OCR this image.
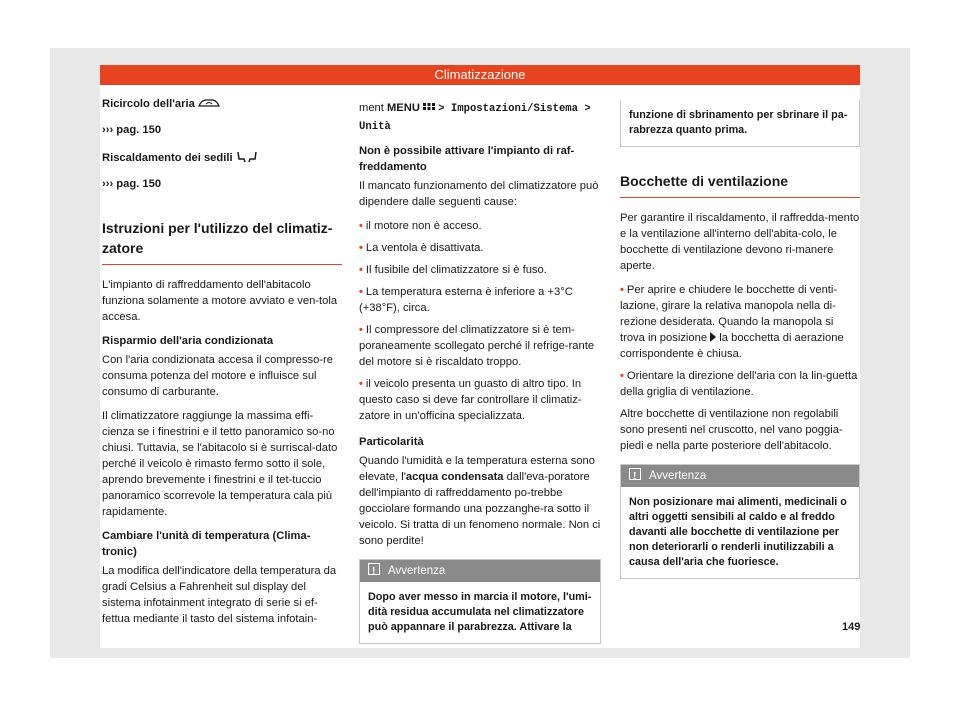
Climatizzazione

Ricircolo dell'aria

››› pag. 150

Riscaldamento dei sedili

››› pag. 150

Istruzioni per l'utilizzo del climatiz-zatore

L'impianto di raffreddamento dell'abitacolo funziona solamente a motore avviato e ven-tola accesa.

Risparmio dell'aria condizionata

Con l'aria condizionata accesa il compresso-re consuma potenza del motore e influisce sul consumo di carburante.

Il climatizzatore raggiunge la massima effi-cienza se i finestrini e il tetto panoramico so-no chiusi. Tuttavia, se l'abitacolo si è surriscal-dato perché il veicolo è rimasto fermo sotto il sole, aprendo brevemente i finestrini e il tet-tuccio panoramico scorrevole la temperatura cala più rapidamente.

Cambiare l'unità di temperatura (Clima-tronic)

La modifica dell'indicatore della temperatura da gradi Celsius a Fahrenheit sul display del sistema infotainment integrato di serie si ef-fettua mediante il tasto del sistema infotain-

ment MENU > Impostazioni/Sistema > Unità

Non è possibile attivare l'impianto di raf-freddamento

Il mancato funzionamento del climatizzatore può dipendere dalle seguenti cause:

• il motore non è acceso.
• La ventola è disattivata.
• Il fusibile del climatizzatore si è fuso.
• La temperatura esterna è inferiore a +3°C (+38°F), circa.
• Il compressore del climatizzatore si è tem-poraneamente scollegato perché il refrige-rante del motore si è riscaldato troppo.
• il veicolo presenta un guasto di altro tipo. In questo caso si deve far controllare il climatiz-zatore in un'officina specializzata.

Particolarità

Quando l'umidità e la temperatura esterna sono elevate, l'acqua condensata dall'eva-poratore dell'impianto di raffreddamento po-trebbe gocciolare formando una pozzanghe-ra sotto il veicolo. Si tratta di un fenomeno normale. Non ci sono perdite!

!Avvertenza
Dopo aver messo in marcia il motore, l'umi-dità residua accumulata nel climatizzatore può appannare il parabrezza. Attivare la
funzione di sbrinamento per sbrinare il pa-rabrezza quanto prima.
Bocchette di ventilazione

Per garantire il riscaldamento, il raffredda-mento e la ventilazione all'interno dell'abita-colo, le bocchette di ventilazione devono ri-manere aperte.

• Per aprire e chiudere le bocchette di venti-lazione, girare la relativa manopola nella di-rezione desiderata. Quando la manopola si trova in posizione la bocchetta di aerazione corrispondente è chiusa.
• Orientare la direzione dell'aria con la lin-guetta della griglia di ventilazione.

Altre bocchette di ventilazione non regolabili sono presenti nel cruscotto, nel vano poggia-piedi e nella parte posteriore dell'abitacolo.

!Avvertenza
Non posizionare mai alimenti, medicinali o altri oggetti sensibili al caldo e al freddo davanti alle bocchette di ventilazione per non deteriorarli o renderli inutilizzabili a causa dell'aria che fuoriesce.
149
